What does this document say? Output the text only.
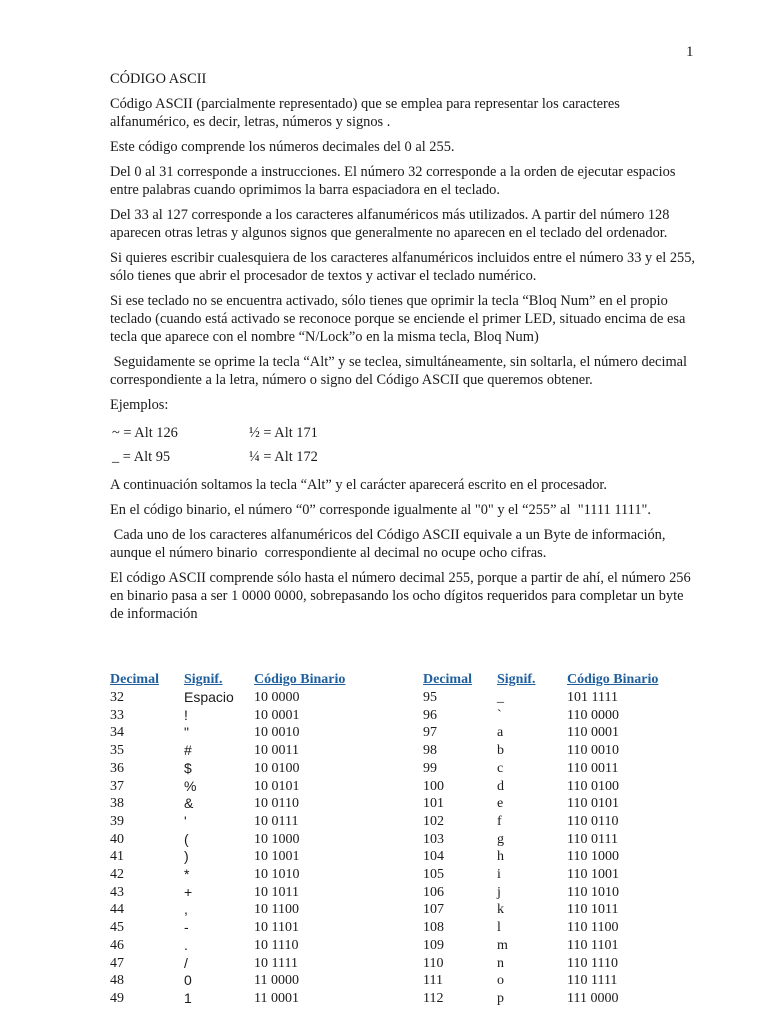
1
CÓDIGO ASCII

Código ASCII (parcialmente representado) que se emplea para representar los caracteres alfanumérico, es decir, letras, números y signos .

Este código comprende los números decimales del 0 al 255.

Del 0 al 31 corresponde a instrucciones. El número 32 corresponde a la orden de ejecutar espacios entre palabras cuando oprimimos la barra espaciadora en el teclado.

Del 33 al 127 corresponde a los caracteres alfanuméricos más utilizados. A partir del número 128 aparecen otras letras y algunos signos que generalmente no aparecen en el teclado del ordenador.

Si quieres escribir cualesquiera de los caracteres alfanuméricos incluidos entre el número 33 y el 255, sólo tienes que abrir el procesador de textos y activar el teclado numérico.

Si ese teclado no se encuentra activado, sólo tienes que oprimir la tecla “Bloq Num” en el propio teclado (cuando está activado se reconoce porque se enciende el primer LED, situado encima de esa tecla que aparece con el nombre “N/Lock”o en la misma tecla, Bloq Num)

Seguidamente se oprime la tecla “Alt” y se teclea, simultáneamente, sin soltarla, el número decimal correspondiente a la letra, número o signo del Código ASCII que queremos obtener.

Ejemplos:

~ = Alt 126	½ = Alt 171
_ = Alt 95	¼ = Alt 172

A continuación soltamos la tecla “Alt” y el carácter aparecerá escrito en el procesador.

En el código binario, el número “0” corresponde igualmente al "0" y el “255” al  "1111 1111".

Cada uno de los caracteres alfanuméricos del Código ASCII equivale a un Byte de información, aunque el número binario  correspondiente al decimal no ocupe ocho cifras.

El código ASCII comprende sólo hasta el número decimal 255, porque a partir de ahí, el número 256 en binario pasa a ser 1 0000 0000, sobrepasando los ocho dígitos requeridos para completar un byte de información

Decimal	Signif.	Código Binario
32	Espacio	10 0000
33	!	10 0001
34	"	10 0010
35	#	10 0011
36	$	10 0100
37	%	10 0101
38	&	10 0110
39	'	10 0111
40	(	10 1000
41	)	10 1001
42	*	10 1010
43	+	10 1011
44	,	10 1100
45	-	10 1101
46	.	10 1110
47	/	10 1111
48	0	11 0000
49	1	11 0001
Decimal	Signif.	Código Binario
95	_	101 1111
96	`	110 0000
97	a	110 0001
98	b	110 0010
99	c	110 0011
100	d	110 0100
101	e	110 0101
102	f	110 0110
103	g	110 0111
104	h	110 1000
105	i	110 1001
106	j	110 1010
107	k	110 1011
108	l	110 1100
109	m	110 1101
110	n	110 1110
111	o	110 1111
112	p	111 0000
